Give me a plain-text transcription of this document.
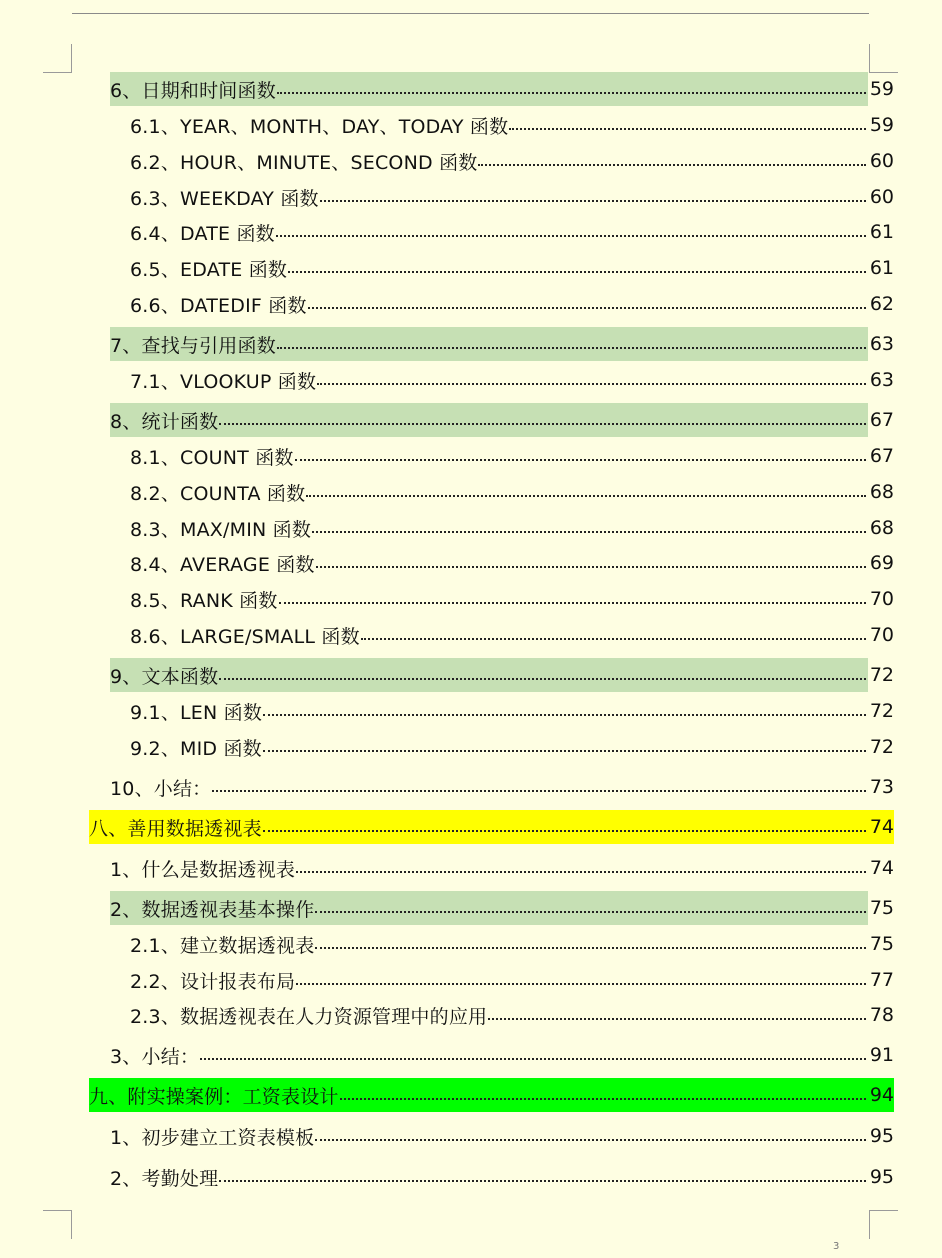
6、日期和时间函数	59
6.1、YEAR、MONTH、DAY、TODAY 函数	59
6.2、HOUR、MINUTE、SECOND 函数	60
6.3、WEEKDAY 函数	60
6.4、DATE 函数	61
6.5、EDATE 函数	61
6.6、DATEDIF 函数	62
7、查找与引用函数	63
7.1、VLOOKUP 函数	63
8、统计函数	67
8.1、COUNT 函数	67
8.2、COUNTA 函数	68
8.3、MAX/MIN 函数	68
8.4、AVERAGE 函数	69
8.5、RANK 函数	70
8.6、LARGE/SMALL 函数	70
9、文本函数	72
9.1、LEN 函数	72
9.2、MID 函数	72
10、小结：	73
八、善用数据透视表	74
1、什么是数据透视表	74
2、数据透视表基本操作	75
2.1、建立数据透视表	75
2.2、设计报表布局	77
2.3、数据透视表在人力资源管理中的应用	78
3、小结：	91
九、附实操案例：工资表设计	94
1、初步建立工资表模板	95
2、考勤处理	95
3
